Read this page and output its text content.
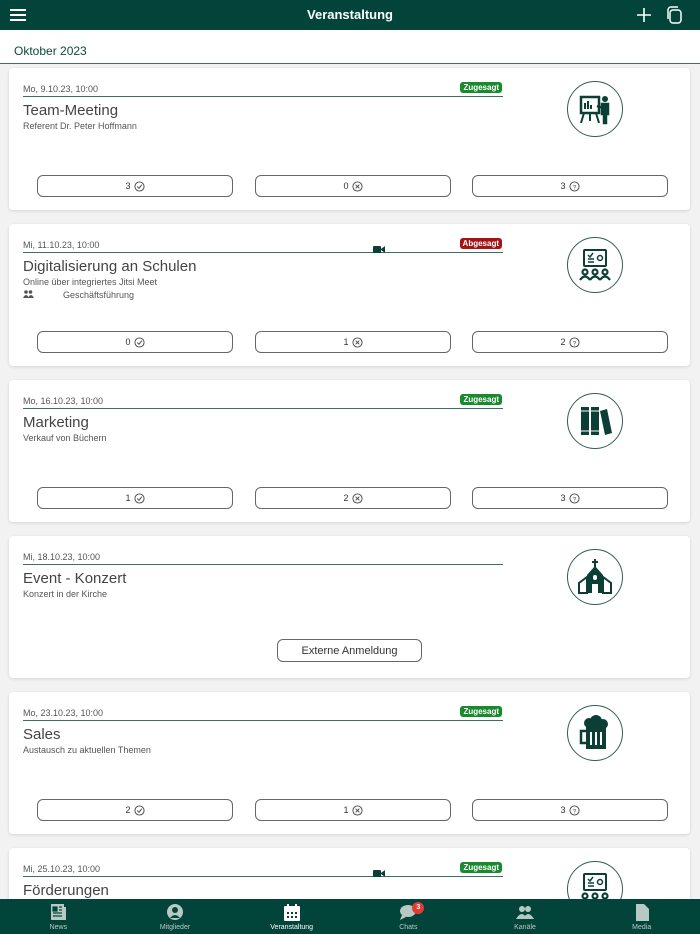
Veranstaltung
Oktober 2023
Mo, 9.10.23, 10:00	Zugesagt
Team-Meeting
Referent Dr. Peter Hoffmann
3	0	3 ?
Mi, 11.10.23, 10:00	Abgesagt
Digitalisierung an Schulen
Online über integriertes Jitsi Meet
Geschäftsführung
0	1	2 ?
Mo, 16.10.23, 10:00	Zugesagt
Marketing
Verkauf von Büchern
1	2	3 ?
Mi, 18.10.23, 10:00
Event - Konzert
Konzert in der Kirche
Externe Anmeldung
Mo, 23.10.23, 10:00	Zugesagt
Sales
Austausch zu aktuellen Themen
2	1	3 ?
Mi, 25.10.23, 10:00	Zugesagt
Förderungen
News	Mitglieder	Veranstaltung
3
Chats	Kanäle	Media
